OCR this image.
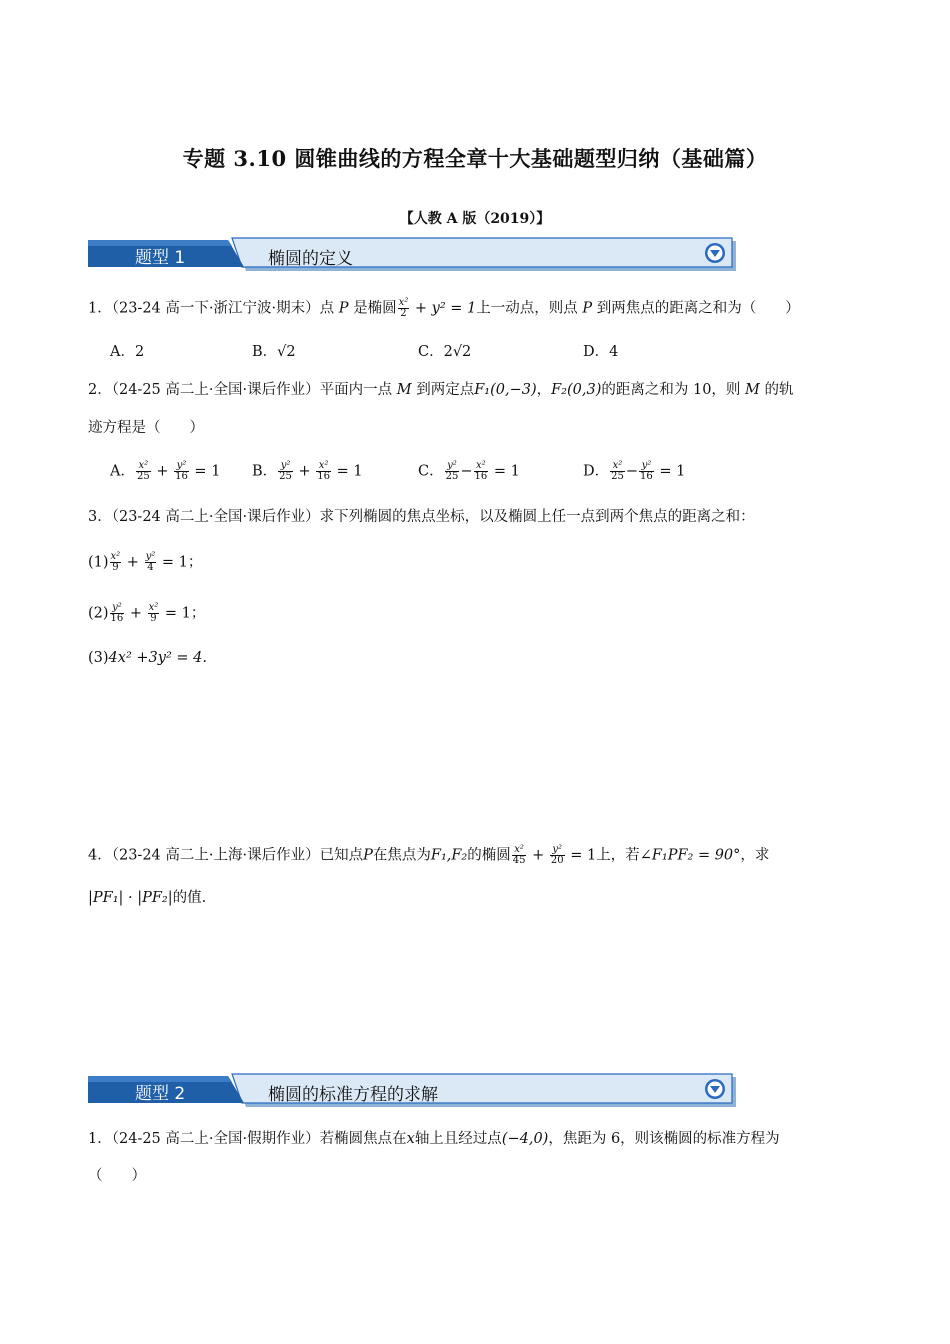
专题 3.10 圆锥曲线的方程全章十大基础题型归纳（基础篇）
【人教 A 版（2019）】
题型 1	椭圆的定义
1．（23-24 高一下·浙江宁波·期末）点 P 是椭圆 $\frac{\text{x²}}{2} + y^2 = 1$上一动点，则点 P 到两焦点的距离之和为（　　）
A．2	B．√2	C．2√2	D．4
2．（24-25 高二上·全国·课后作业）平面内一点 M 到两定点F₁(0,−3)，F₂(0,3)的距离之和为 10，则 M 的轨
迹方程是（　　）
A． $\frac{\text{x²}}{25} + \frac{\text{y²}}{16} = 1$ B． $\frac{\text{y²}}{25} + \frac{\text{x²}}{16} = 1$	C． $\frac{\text{y²}}{25} - \frac{\text{x²}}{16} = 1$	D． $\frac{\text{x²}}{25} - \frac{\text{y²}}{16} = 1$
3．（23-24 高二上·全国·课后作业）求下列椭圆的焦点坐标，以及椭圆上任一点到两个焦点的距离之和：
$(1) \frac{\text{x²}}{9} + \frac{\text{y²}}{4} = 1$；
$(2) \frac{\text{y²}}{16} + \frac{\text{x²}}{9} = 1$；
(3)4x² +3y² = 4.
4．（23-24 高二上·上海·课后作业）已知点P在焦点为F₁,F₂的椭圆 $\frac{\text{x²}}{45} + \frac{\text{y²}}{20} = 1$上，若∠F₁PF₂ = 90°，求
|PF₁| · |PF₂|的值.
题型 2	椭圆的标准方程的求解
1．（24-25 高二上·全国·假期作业）若椭圆焦点在x轴上且经过点(−4,0)，焦距为 6，则该椭圆的标准方程为
（　　）
